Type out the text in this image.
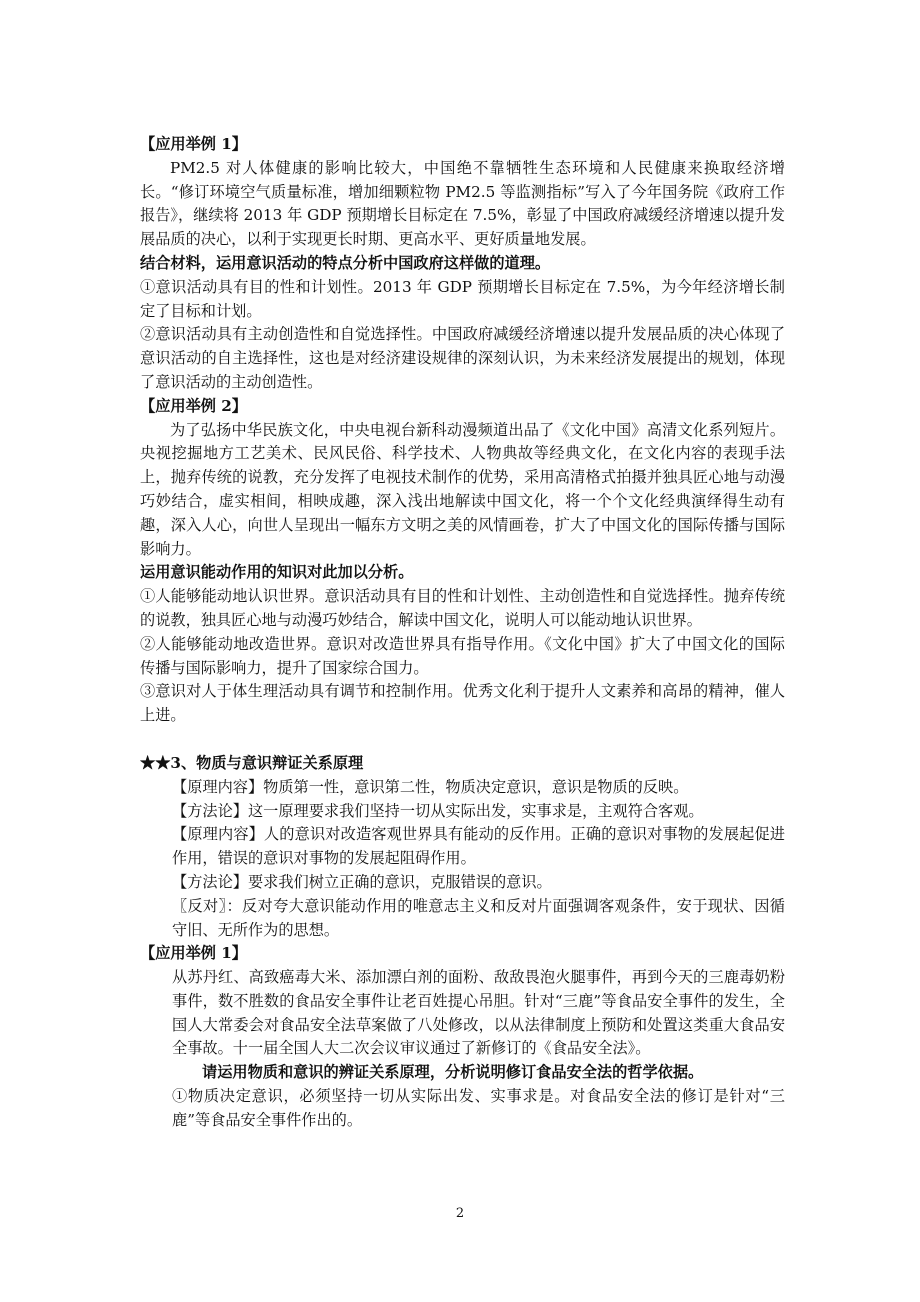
【应用举例 1】

PM2.5 对人体健康的影响比较大，中国绝不靠牺牲生态环境和人民健康来换取经济增长。“修订环境空气质量标准，增加细颗粒物 PM2.5 等监测指标”写入了今年国务院《政府工作报告》，继续将 2013 年 GDP 预期增长目标定在 7.5%，彰显了中国政府减缓经济增速以提升发展品质的决心，以利于实现更长时期、更高水平、更好质量地发展。

结合材料，运用意识活动的特点分析中国政府这样做的道理。

①意识活动具有目的性和计划性。2013 年 GDP 预期增长目标定在 7.5%，为今年经济增长制定了目标和计划。

②意识活动具有主动创造性和自觉选择性。中国政府减缓经济增速以提升发展品质的决心体现了意识活动的自主选择性，这也是对经济建设规律的深刻认识，为未来经济发展提出的规划，体现了意识活动的主动创造性。

【应用举例 2】

为了弘扬中华民族文化，中央电视台新科动漫频道出品了《文化中国》高清文化系列短片。央视挖掘地方工艺美术、民风民俗、科学技术、人物典故等经典文化，在文化内容的表现手法上，抛弃传统的说教，充分发挥了电视技术制作的优势，采用高清格式拍摄并独具匠心地与动漫巧妙结合，虚实相间，相映成趣，深入浅出地解读中国文化，将一个个文化经典演绎得生动有趣，深入人心，向世人呈现出一幅东方文明之美的风情画卷，扩大了中国文化的国际传播与国际影响力。

运用意识能动作用的知识对此加以分析。

①人能够能动地认识世界。意识活动具有目的性和计划性、主动创造性和自觉选择性。抛弃传统的说教，独具匠心地与动漫巧妙结合，解读中国文化，说明人可以能动地认识世界。

②人能够能动地改造世界。意识对改造世界具有指导作用。《文化中国》扩大了中国文化的国际传播与国际影响力，提升了国家综合国力。

③意识对人于体生理活动具有调节和控制作用。优秀文化利于提升人文素养和高昂的精神，催人上进。

★★3、物质与意识辩证关系原理

【原理内容】物质第一性，意识第二性，物质决定意识，意识是物质的反映。

【方法论】这一原理要求我们坚持一切从实际出发，实事求是，主观符合客观。

【原理内容】人的意识对改造客观世界具有能动的反作用。正确的意识对事物的发展起促进作用，错误的意识对事物的发展起阻碍作用。

【方法论】要求我们树立正确的意识，克服错误的意识。

〖反对〗：反对夸大意识能动作用的唯意志主义和反对片面强调客观条件，安于现状、因循守旧、无所作为的思想。

【应用举例 1】

从苏丹红、高致癌毒大米、添加漂白剂的面粉、敌敌畏泡火腿事件，再到今天的三鹿毒奶粉事件，数不胜数的食品安全事件让老百姓提心吊胆。针对“三鹿”等食品安全事件的发生，全国人大常委会对食品安全法草案做了八处修改，以从法律制度上预防和处置这类重大食品安全事故。十一届全国人大二次会议审议通过了新修订的《食品安全法》。

请运用物质和意识的辨证关系原理，分析说明修订食品安全法的哲学依据。

①物质决定意识，必须坚持一切从实际出发、实事求是。对食品安全法的修订是针对“三鹿”等食品安全事件作出的。

2
